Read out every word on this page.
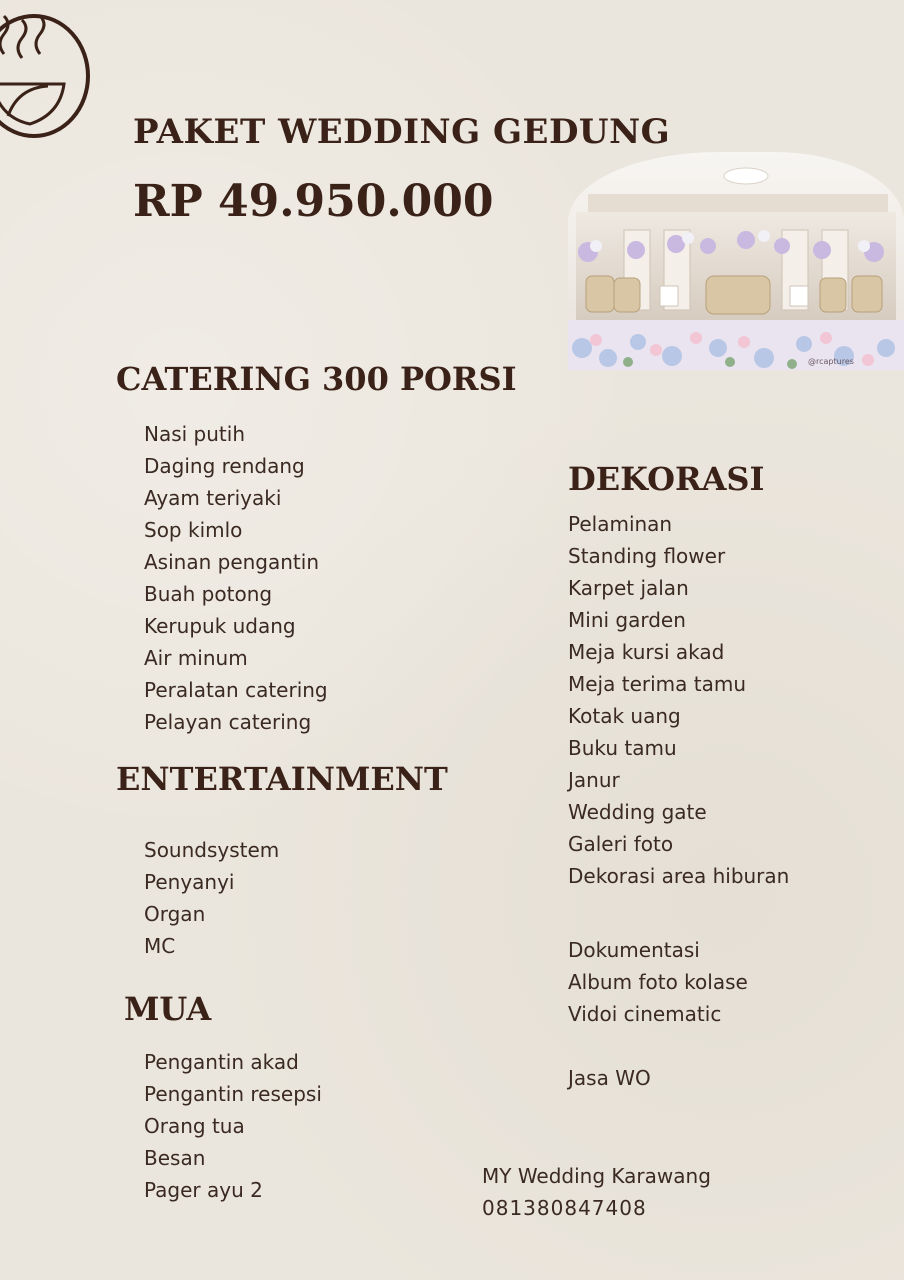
PAKET WEDDING GEDUNG
RP 49.950.000
@rcaptures
CATERING 300 PORSI
Nasi putih
Daging rendang
Ayam teriyaki
Sop kimlo
Asinan pengantin
Buah potong
Kerupuk udang
Air minum
Peralatan catering
Pelayan catering
ENTERTAINMENT
Soundsystem
Penyanyi
Organ
MC
MUA
Pengantin akad
Pengantin resepsi
Orang tua
Besan
Pager ayu 2
DEKORASI
Pelaminan
Standing flower
Karpet jalan
Mini garden
Meja kursi akad
Meja terima tamu
Kotak uang
Buku tamu
Janur
Wedding gate
Galeri foto
Dekorasi area hiburan
Dokumentasi
Album foto kolase
Vidoi cinematic
Jasa WO
MY Wedding Karawang
081380847408
